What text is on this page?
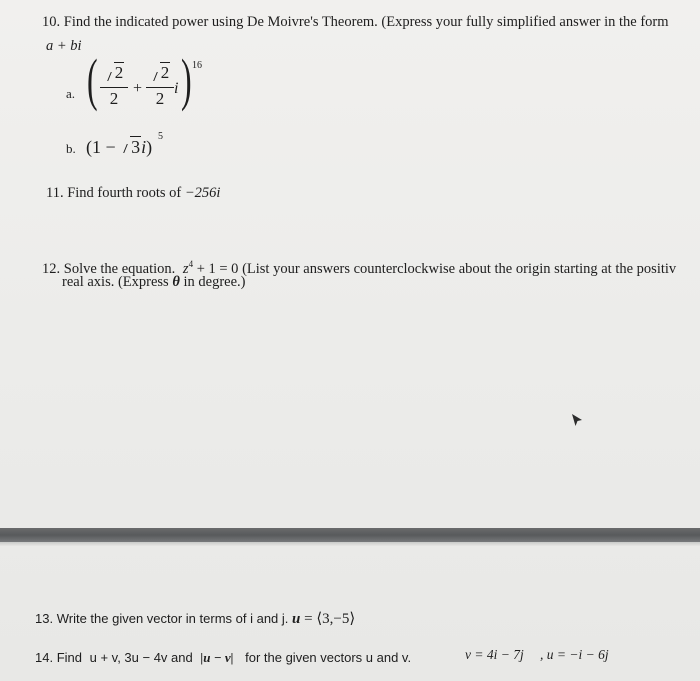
10. Find the indicated power using De Moivre's Theorem. (Express your fully simplified answer in the form
a + bi
a. (	2
2
+
2
2
i ) 16
b. (1 − 3i)
5
11. Find fourth roots of −256i
12. Solve the equation. $z^4 + 1 = 0$ (List your answers counterclockwise about the origin starting at the positiv
real axis. (Express θ in degree.)
13. Write the given vector in terms of i and j. u = ⟨3,−5⟩
14. Find u + v, 3u − 4v and |u − v| for the given vectors u and v.	v = 4i − 7j , u = −i − 6j
